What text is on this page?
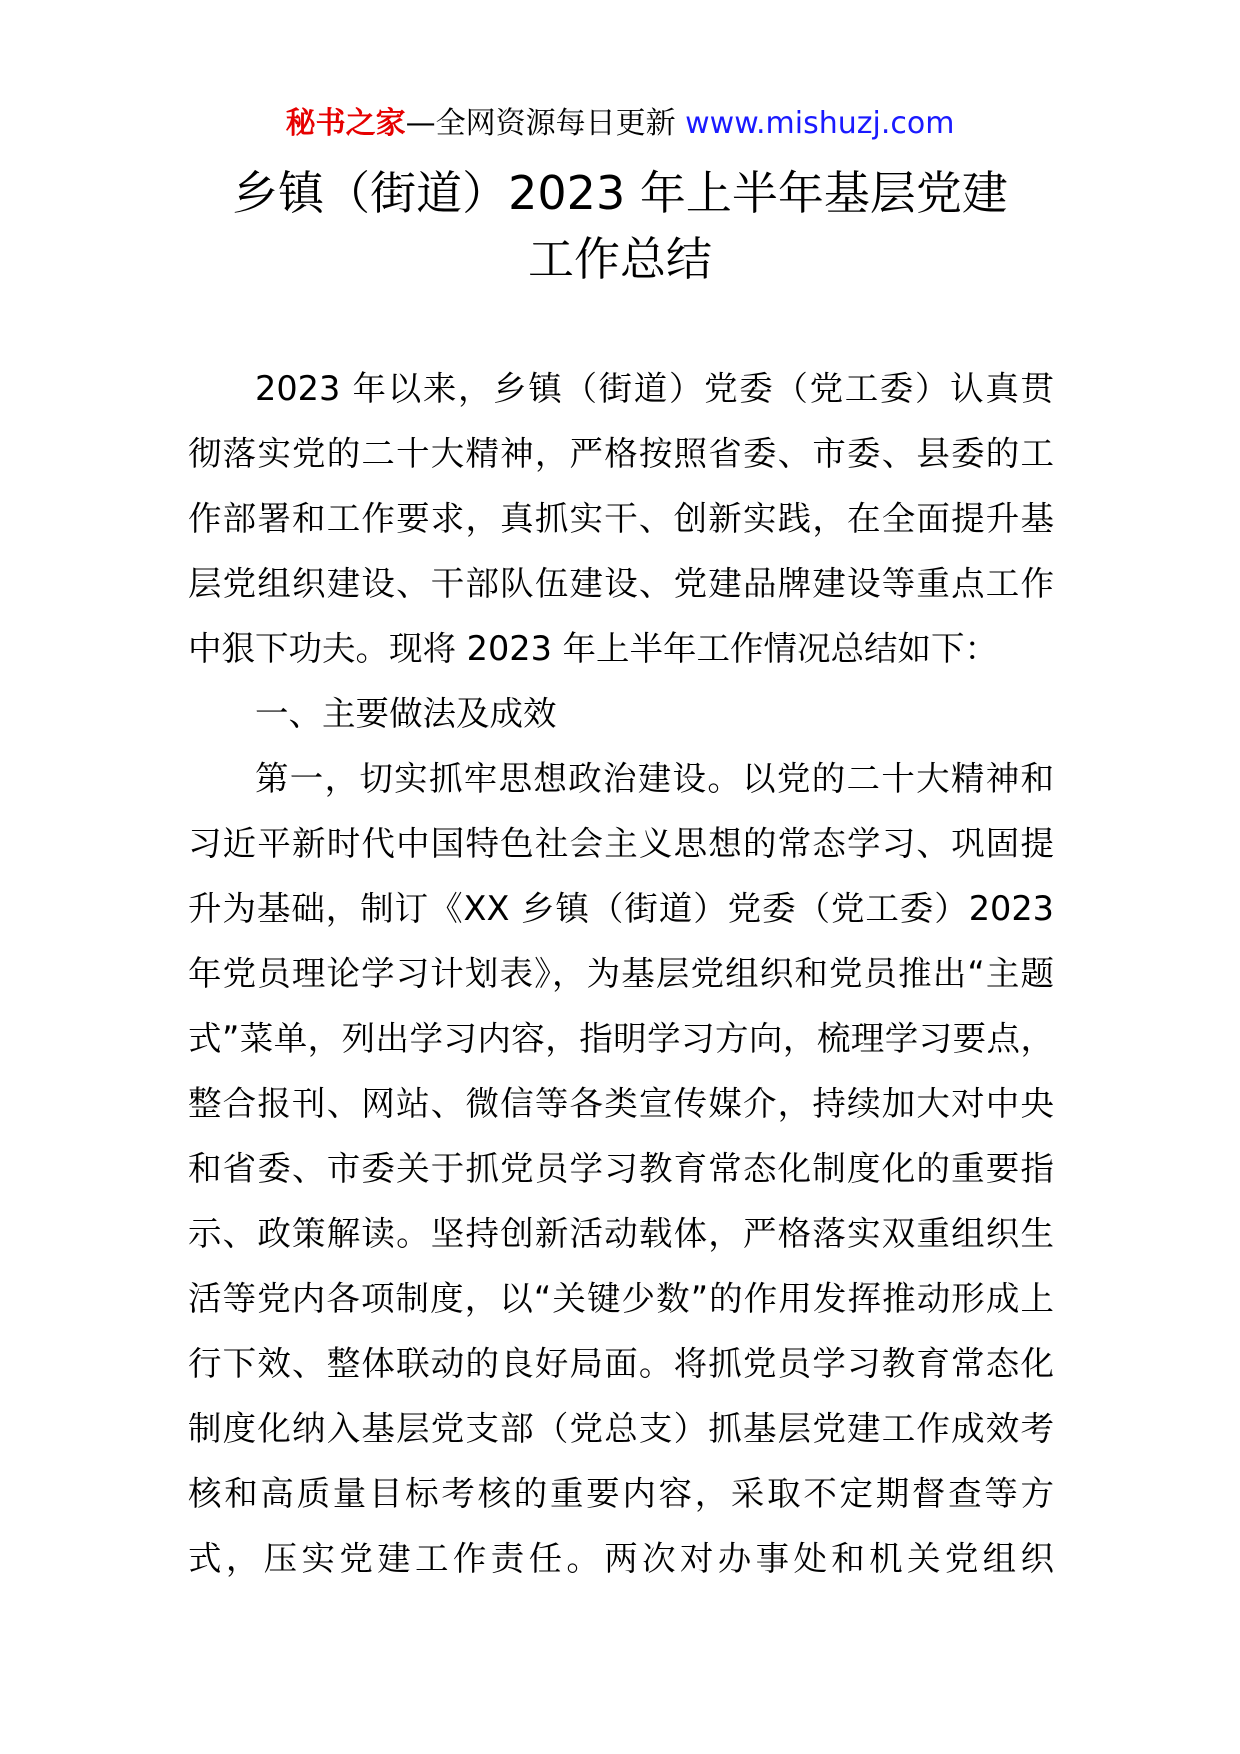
秘书之家—全网资源每日更新 www.mishuzj.com
乡镇（街道）2023 年上半年基层党建
工作总结

2023 年以来，乡镇（街道）党委（党工委）认真贯彻落实党的二十大精神，严格按照省委、市委、县委的工作部署和工作要求，真抓实干、创新实践，在全面提升基层党组织建设、干部队伍建设、党建品牌建设等重点工作中狠下功夫。现将 2023 年上半年工作情况总结如下：

一、主要做法及成效

第一，切实抓牢思想政治建设。以党的二十大精神和习近平新时代中国特色社会主义思想的常态学习、巩固提升为基础，制订《XX 乡镇（街道）党委（党工委）2023 年党员理论学习计划表》，为基层党组织和党员推出“主题式”菜单，列出学习内容，指明学习方向，梳理学习要点，整合报刊、网站、微信等各类宣传媒介，持续加大对中央和省委、市委关于抓党员学习教育常态化制度化的重要指示、政策解读。坚持创新活动载体，严格落实双重组织生活等党内各项制度，以“关键少数”的作用发挥推动形成上行下效、整体联动的良好局面。将抓党员学习教育常态化制度化纳入基层党支部（党总支）抓基层党建工作成效考核和高质量目标考核的重要内容，采取不定期督查等方式，压实党建工作责任。两次对办事处和机关党组织
